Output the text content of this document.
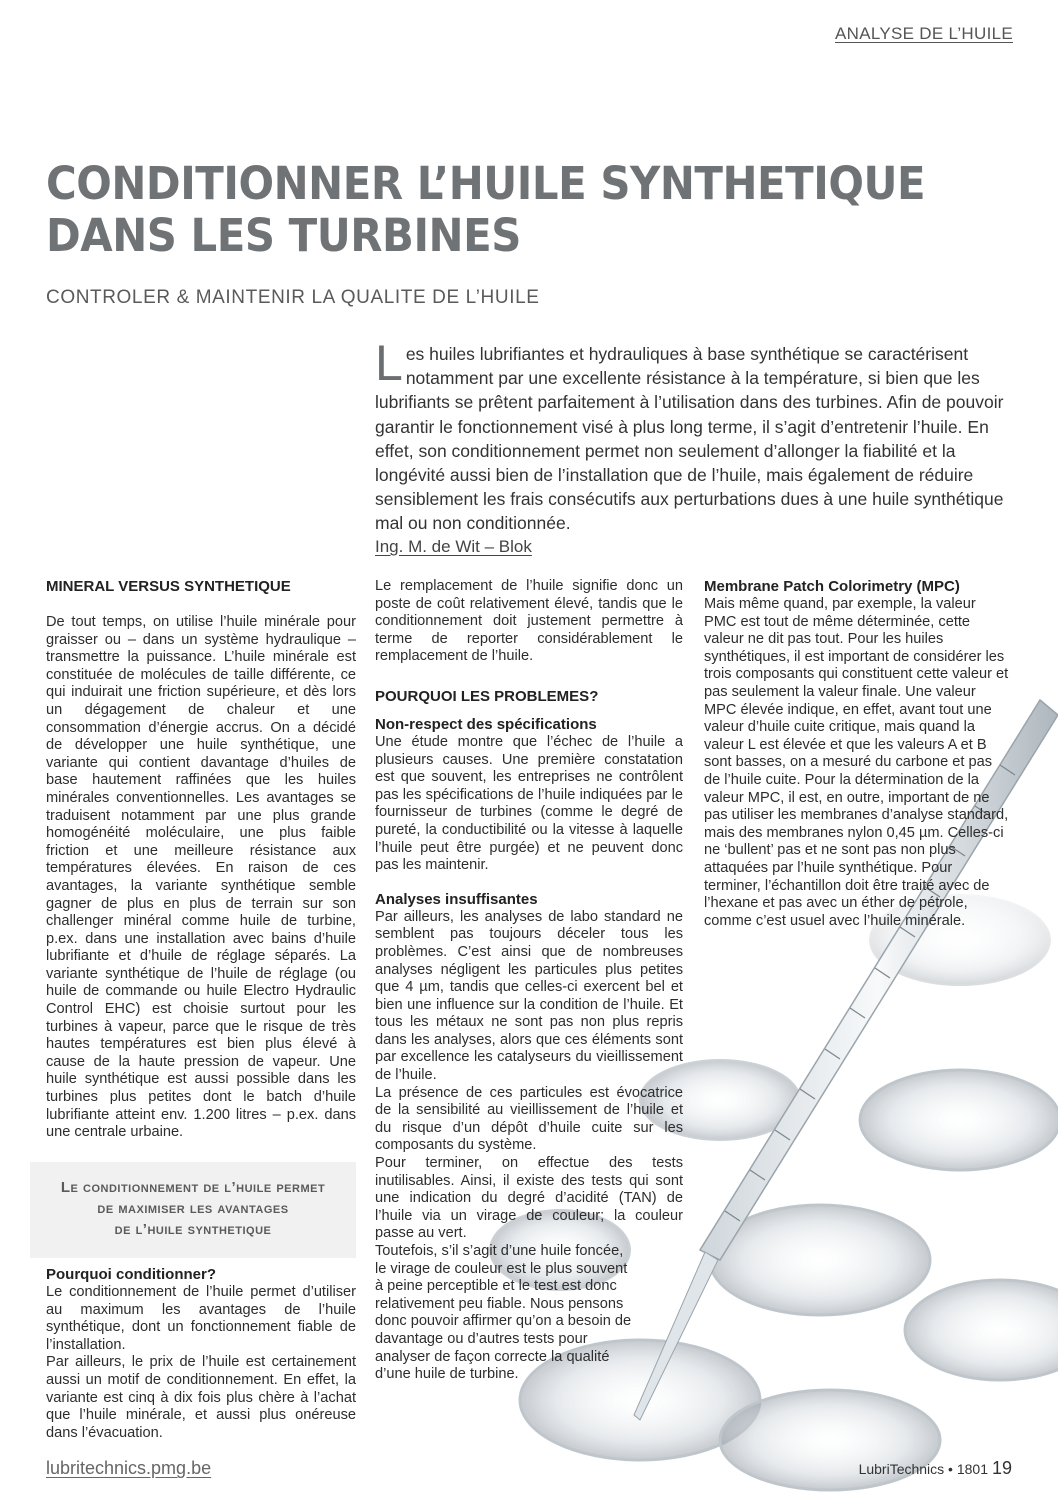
ANALYSE DE L’HUILE
CONDITIONNER L’HUILE SYNTHETIQUE DANS LES TURBINES
CONTROLER & MAINTENIR LA QUALITE DE L’HUILE

Les huiles lubrifiantes et hydrauliques à base synthétique se caractérisent notamment par une excellente résistance à la température, si bien que les lubrifiants se prêtent parfaitement à l’utilisation dans des turbines. Afin de pouvoir garantir le fonctionnement visé à plus long terme, il s’agit d’entretenir l’huile. En effet, son conditionnement permet non seulement d’allonger la fiabilité et la longévité aussi bien de l’installation que de l’huile, mais également de réduire sensiblement les frais consécutifs aux perturbations dues à une huile synthétique mal ou non conditionnée.

Ing. M. de Wit – Blok
MINERAL VERSUS SYNTHETIQUE

De tout temps, on utilise l’huile minérale pour graisser ou – dans un système hydraulique – transmettre la puissance. L’huile minérale est constituée de molécules de taille différente, ce qui induirait une friction supérieure, et dès lors un dégagement de chaleur et une consommation d’énergie accrus. On a décidé de développer une huile synthétique, une variante qui contient davantage d’huiles de base hautement raffinées que les huiles minérales conventionnelles. Les avantages se traduisent notamment par une plus grande homogénéité moléculaire, une plus faible friction et une meilleure résistance aux températures élevées. En raison de ces avantages, la variante synthétique semble gagner de plus en plus de terrain sur son challenger minéral comme huile de turbine, p.ex. dans une installation avec bains d’huile lubrifiante et d’huile de réglage séparés. La variante synthétique de l’huile de réglage (ou huile de commande ou huile Electro Hydraulic Control EHC) est choisie surtout pour les turbines à vapeur, parce que le risque de très hautes températures est bien plus élevé à cause de la haute pression de vapeur. Une huile synthétique est aussi possible dans les turbines plus petites dont le batch d’huile lubrifiante atteint env. 1.200 litres – p.ex. dans une centrale urbaine.

Le conditionnement de l’huile permet
de maximiser les avantages
de l’huile synthetique
Pourquoi conditionner?

Le conditionnement de l’huile permet d’utiliser au maximum les avantages de l’huile synthétique, dont un fonctionnement fiable de l’installation.

Par ailleurs, le prix de l’huile est certainement aussi un motif de conditionnement. En effet, la variante est cinq à dix fois plus chère à l’achat que l’huile minérale, et aussi plus onéreuse dans l’évacuation.

Le remplacement de l’huile signifie donc un poste de coût relativement élevé, tandis que le conditionnement doit justement permettre à terme de reporter considérablement le remplacement de l’huile.

POURQUOI LES PROBLEMES?
Non-respect des spécifications

Une étude montre que l’échec de l’huile a plusieurs causes. Une première constatation est que souvent, les entreprises ne contrôlent pas les spécifications de l’huile indiquées par le fournisseur de turbines (comme le degré de pureté, la conductibilité ou la vitesse à laquelle l’huile peut être purgée) et ne peuvent donc pas les maintenir.

Analyses insuffisantes

Par ailleurs, les analyses de labo standard ne semblent pas toujours déceler tous les problèmes. C’est ainsi que de nombreuses analyses négligent les particules plus petites que 4 µm, tandis que celles-ci exercent bel et bien une influence sur la condition de l’huile. Et tous les métaux ne sont pas non plus repris dans les analyses, alors que ces éléments sont par excellence les catalyseurs du vieillissement de l’huile.

La présence de ces particules est évocatrice de la sensibilité au vieillissement de l’huile et du risque d’un dépôt d’huile cuite sur les composants du système.

Pour terminer, on effectue des tests inutilisables. Ainsi, il existe des tests qui sont une indication du degré d’acidité (TAN) de l’huile via un virage de couleur; la couleur passe au vert.

Toutefois, s’il s’agit d’une huile foncée, le virage de couleur est le plus souvent à peine perceptible et le test est donc relativement peu fiable. Nous pensons donc pouvoir affirmer qu’on a besoin de davantage ou d’autres tests pour analyser de façon correcte la qualité d’une huile de turbine.

Membrane Patch Colorimetry (MPC)

Mais même quand, par exemple, la valeur PMC est tout de même déterminée, cette valeur ne dit pas tout. Pour les huiles synthétiques, il est important de considérer les trois composants qui constituent cette valeur et pas seulement la valeur finale. Une valeur MPC élevée indique, en effet, avant tout une valeur d’huile cuite critique, mais quand la valeur L est élevée et que les valeurs A et B sont basses, on a mesuré du carbone et pas de l’huile cuite. Pour la détermination de la valeur MPC, il est, en outre, important de ne pas utiliser les membranes d’analyse standard, mais des membranes nylon 0,45 µm. Celles-ci ne ‘bullent’ pas et ne sont pas non plus attaquées par l’huile synthétique. Pour terminer, l’échantillon doit être traité avec de l’hexane et pas avec un éther de pétrole, comme c’est usuel avec l’huile minérale.

lubritechnics.pmg.be	LubriTechnics • 1801 19
